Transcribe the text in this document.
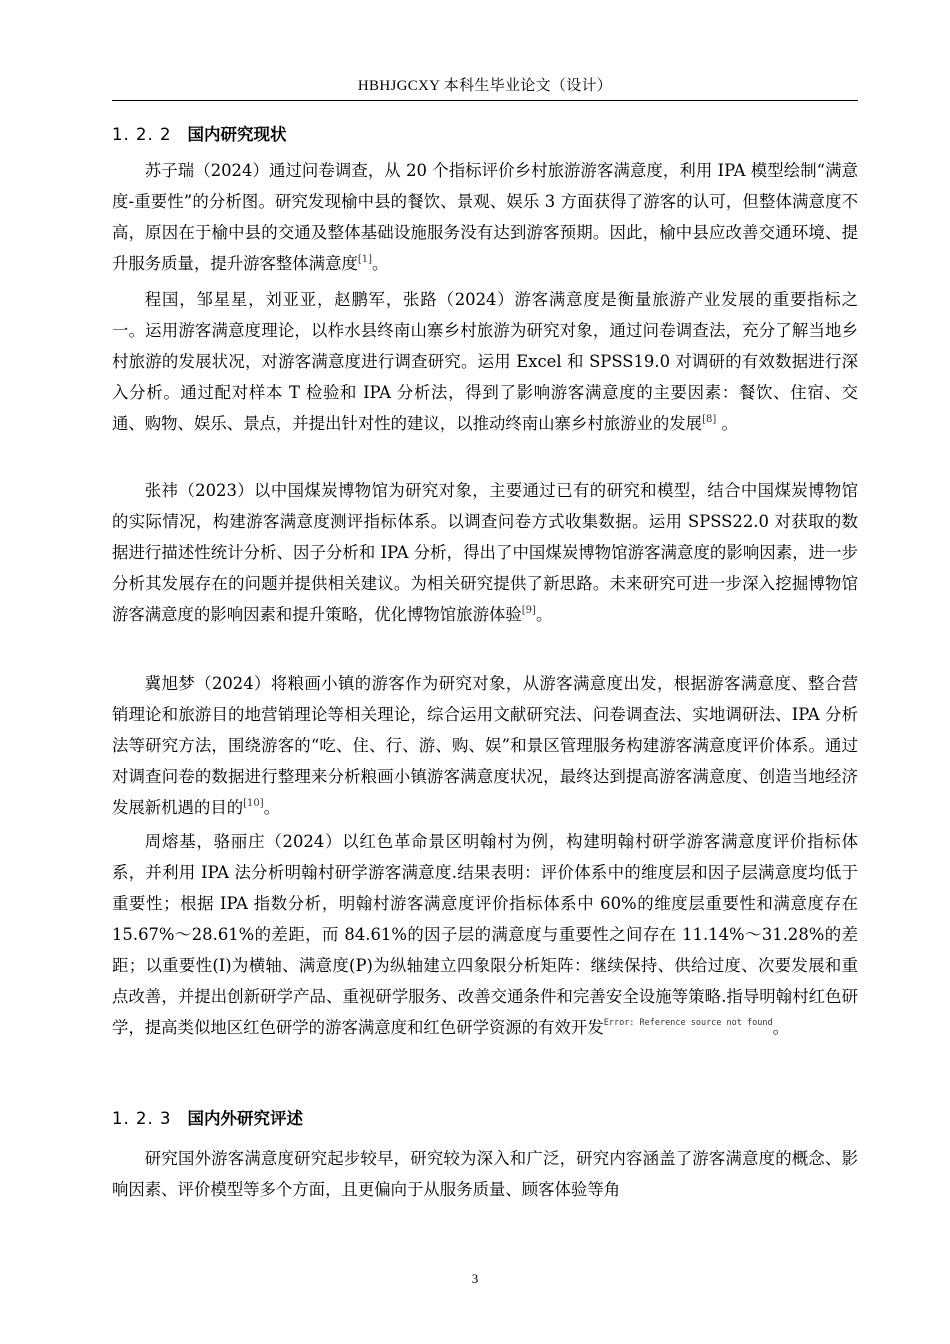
HBHJGCXY 本科生毕业论文（设计）
1. 2. 2 国内研究现状

苏子瑞（2024）通过问卷调查，从 20 个指标评价乡村旅游游客满意度，利用 IPA 模型绘制“满意度-重要性”的分析图。研究发现榆中县的餐饮、景观、娱乐 3 方面获得了游客的认可，但整体满意度不高，原因在于榆中县的交通及整体基础设施服务没有达到游客预期。因此，榆中县应改善交通环境、提升服务质量，提升游客整体满意度[1]。

程国，邹星星，刘亚亚，赵鹏军，张路（2024）游客满意度是衡量旅游产业发展的重要指标之一。运用游客满意度理论，以柞水县终南山寨乡村旅游为研究对象，通过问卷调查法，充分了解当地乡村旅游的发展状况，对游客满意度进行调查研究。运用 Excel 和 SPSS19.0 对调研的有效数据进行深入分析。通过配对样本 T 检验和 IPA 分析法，得到了影响游客满意度的主要因素：餐饮、住宿、交通、购物、娱乐、景点，并提出针对性的建议，以推动终南山寨乡村旅游业的发展[8] 。

张祎（2023）以中国煤炭博物馆为研究对象，主要通过已有的研究和模型，结合中国煤炭博物馆的实际情况，构建游客满意度测评指标体系。以调查问卷方式收集数据。运用 SPSS22.0 对获取的数据进行描述性统计分析、因子分析和 IPA 分析，得出了中国煤炭博物馆游客满意度的影响因素，进一步分析其发展存在的问题并提供相关建议。为相关研究提供了新思路。未来研究可进一步深入挖掘博物馆游客满意度的影响因素和提升策略，优化博物馆旅游体验[9]。

冀旭梦（2024）将粮画小镇的游客作为研究对象，从游客满意度出发，根据游客满意度、整合营销理论和旅游目的地营销理论等相关理论，综合运用文献研究法、问卷调查法、实地调研法、IPA 分析法等研究方法，围绕游客的“吃、住、行、游、购、娱”和景区管理服务构建游客满意度评价体系。通过对调查问卷的数据进行整理来分析粮画小镇游客满意度状况，最终达到提高游客满意度、创造当地经济发展新机遇的目的[10]。

周熔基，骆丽庄（2024）以红色革命景区明翰村为例，构建明翰村研学游客满意度评价指标体系，并利用 IPA 法分析明翰村研学游客满意度.结果表明：评价体系中的维度层和因子层满意度均低于重要性；根据 IPA 指数分析，明翰村游客满意度评价指标体系中 60%的维度层重要性和满意度存在 15.67%～28.61%的差距，而 84.61%的因子层的满意度与重要性之间存在 11.14%～31.28%的差距；以重要性(I)为横轴、满意度(P)为纵轴建立四象限分析矩阵：继续保持、供给过度、次要发展和重点改善，并提出创新研学产品、重视研学服务、改善交通条件和完善安全设施等策略.指导明翰村红色研学，提高类似地区红色研学的游客满意度和红色研学资源的有效开发$^{Error: Reference source not found}$。

1. 2. 3 国内外研究评述

研究国外游客满意度研究起步较早，研究较为深入和广泛，研究内容涵盖了游客满意度的概念、影响因素、评价模型等多个方面，且更偏向于从服务质量、顾客体验等角

3
